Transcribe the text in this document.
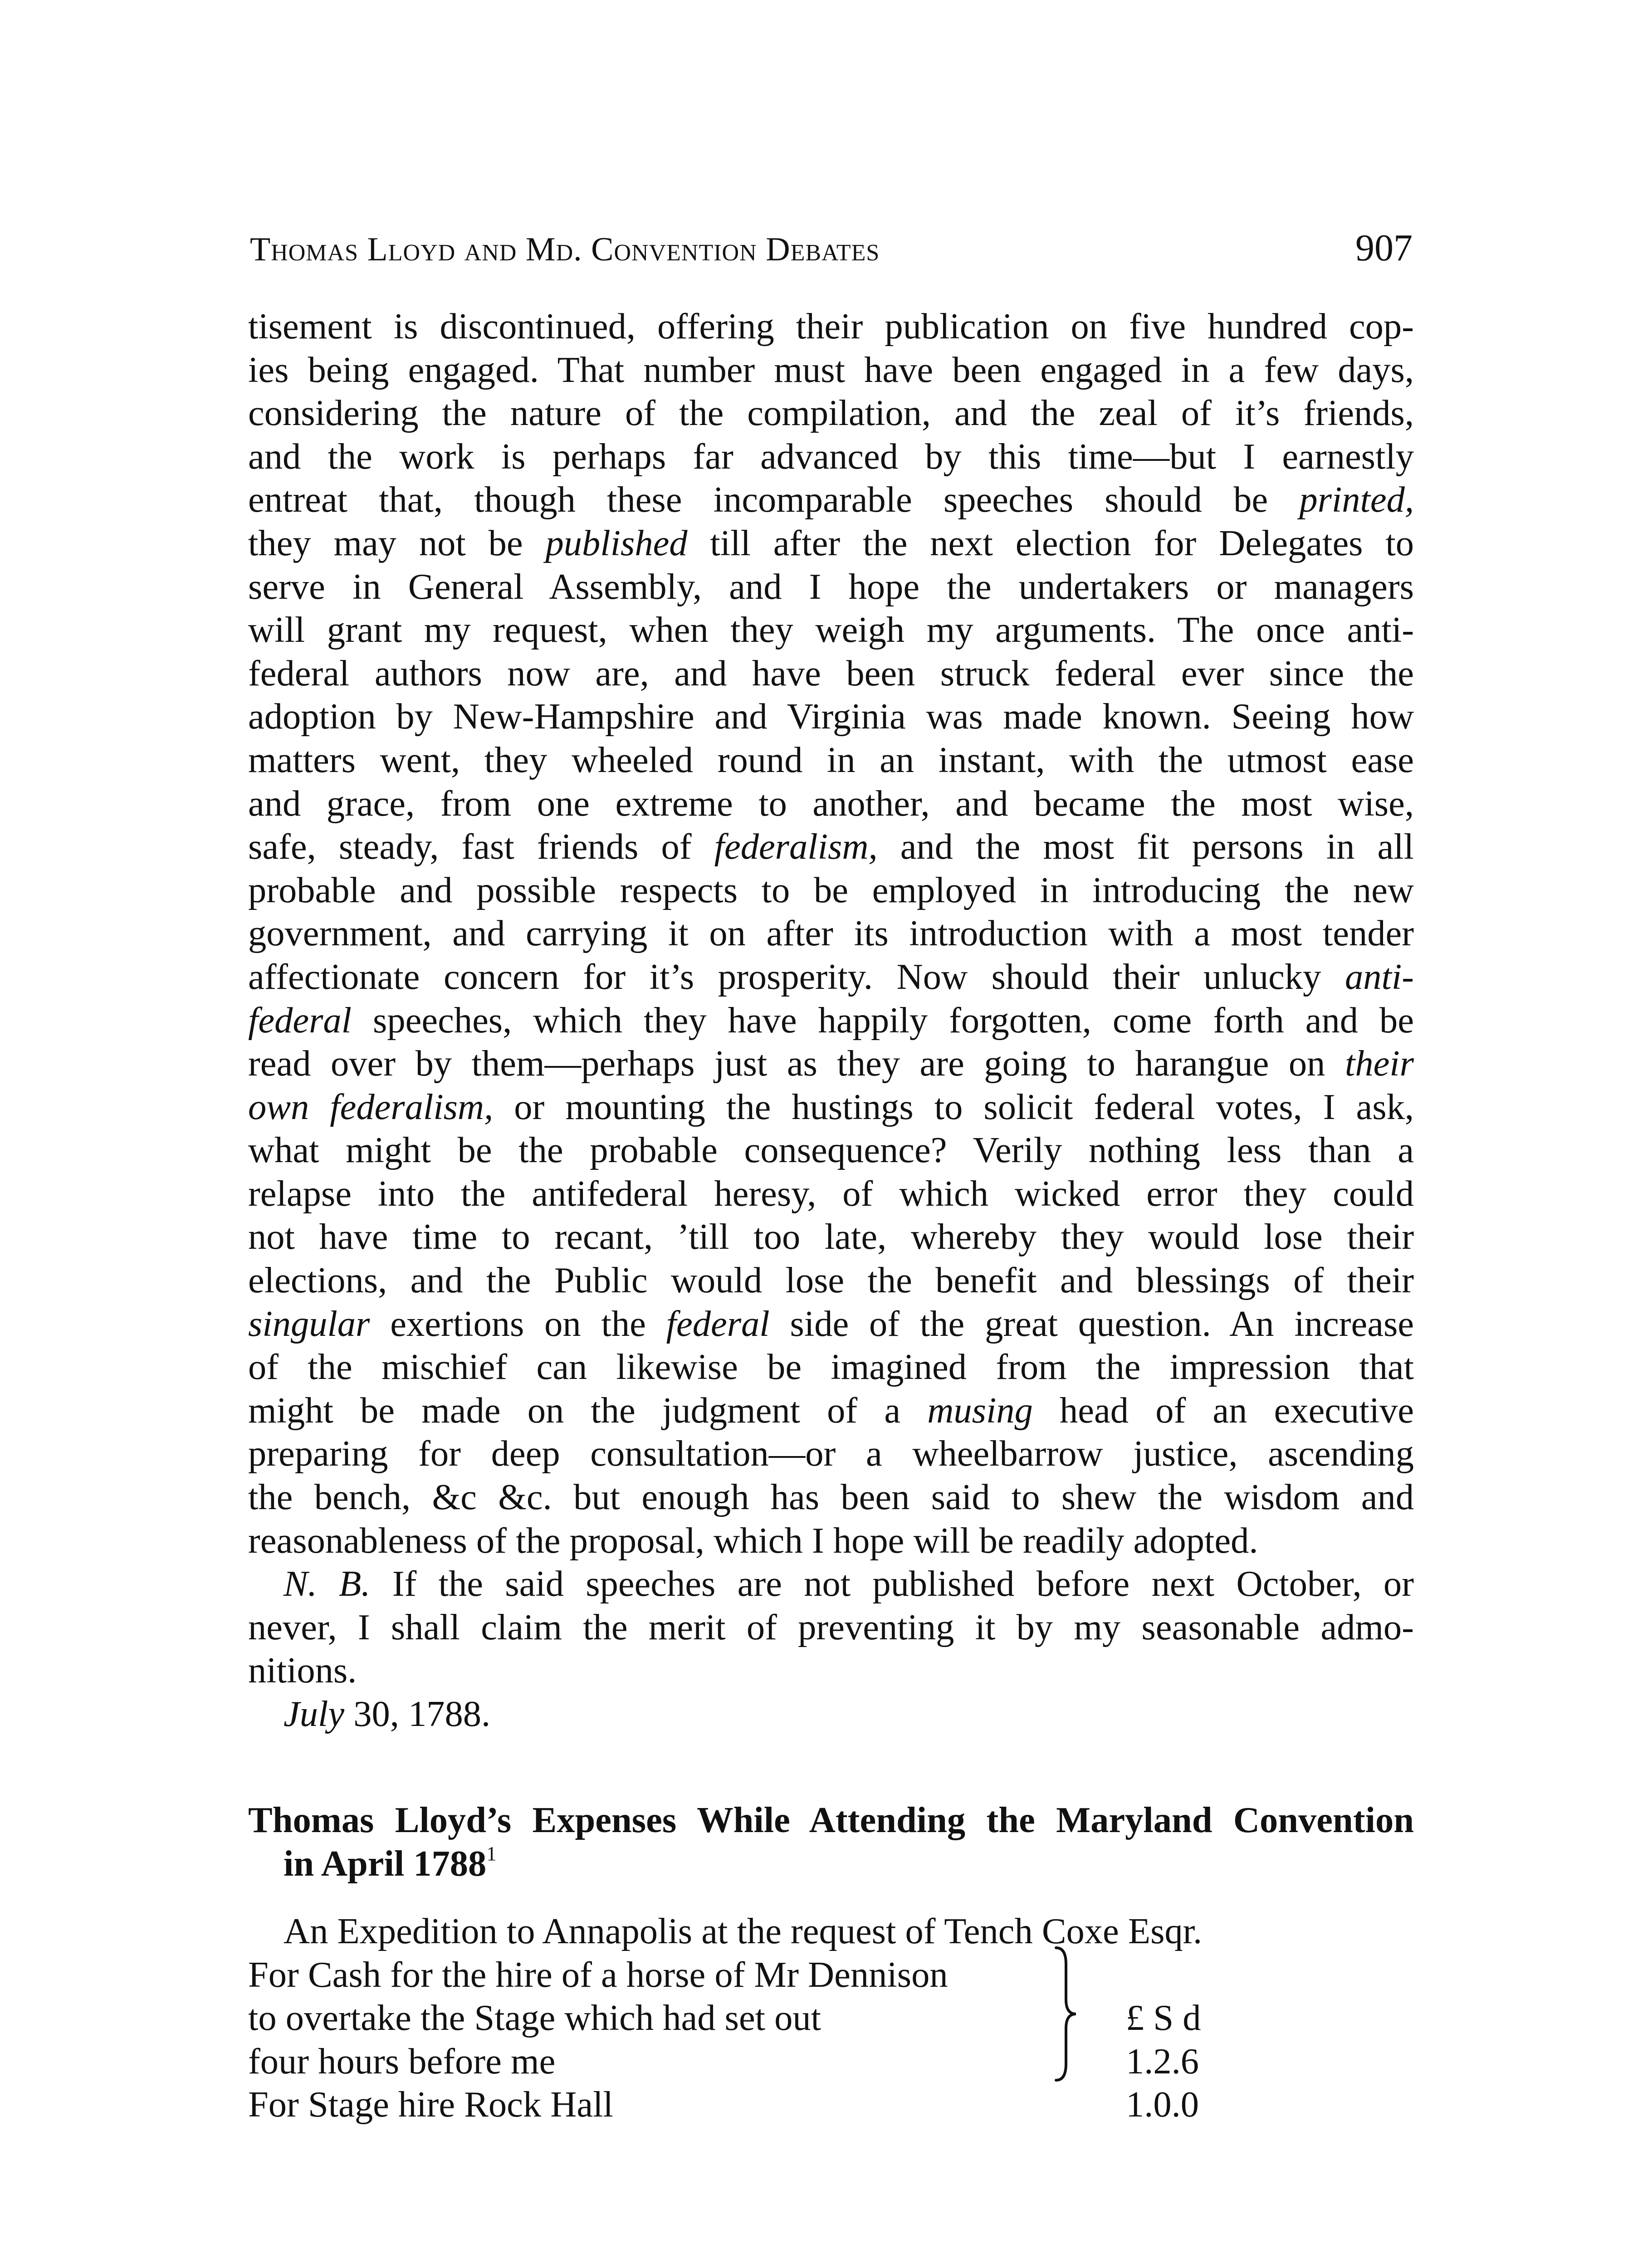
Thomas Lloyd and Md. Convention Debates	907
tisement is discontinued, offering their publication on five hundred cop-
ies being engaged. That number must have been engaged in a few days,
considering the nature of the compilation, and the zeal of it’s friends,
and the work is perhaps far advanced by this time—but I earnestly
entreat that, though these incomparable speeches should be printed,
they may not be published till after the next election for Delegates to
serve in General Assembly, and I hope the undertakers or managers
will grant my request, when they weigh my arguments. The once anti-
federal authors now are, and have been struck federal ever since the
adoption by New-Hampshire and Virginia was made known. Seeing how
matters went, they wheeled round in an instant, with the utmost ease
and grace, from one extreme to another, and became the most wise,
safe, steady, fast friends of federalism, and the most fit persons in all
probable and possible respects to be employed in introducing the new
government, and carrying it on after its introduction with a most tender
affectionate concern for it’s prosperity. Now should their unlucky anti-
federal speeches, which they have happily forgotten, come forth and be
read over by them—perhaps just as they are going to harangue on their
own federalism, or mounting the hustings to solicit federal votes, I ask,
what might be the probable consequence? Verily nothing less than a
relapse into the antifederal heresy, of which wicked error they could
not have time to recant, ’till too late, whereby they would lose their
elections, and the Public would lose the benefit and blessings of their
singular exertions on the federal side of the great question. An increase
of the mischief can likewise be imagined from the impression that
might be made on the judgment of a musing head of an executive
preparing for deep consultation—or a wheelbarrow justice, ascending
the bench, &c &c. but enough has been said to shew the wisdom and
reasonableness of the proposal, which I hope will be readily adopted.
N. B. If the said speeches are not published before next October, or
never, I shall claim the merit of preventing it by my seasonable admo-
nitions.
July 30, 1788.
Thomas Lloyd’s Expenses While Attending the Maryland Convention
in April 1788$^1$
An Expedition to Annapolis at the request of Tench Coxe Esqr.
For Cash for the hire of a horse of Mr Dennison
to overtake the Stage which had set out	£ S d
four hours before me	1.2.6
For Stage hire Rock Hall	1.0.0
